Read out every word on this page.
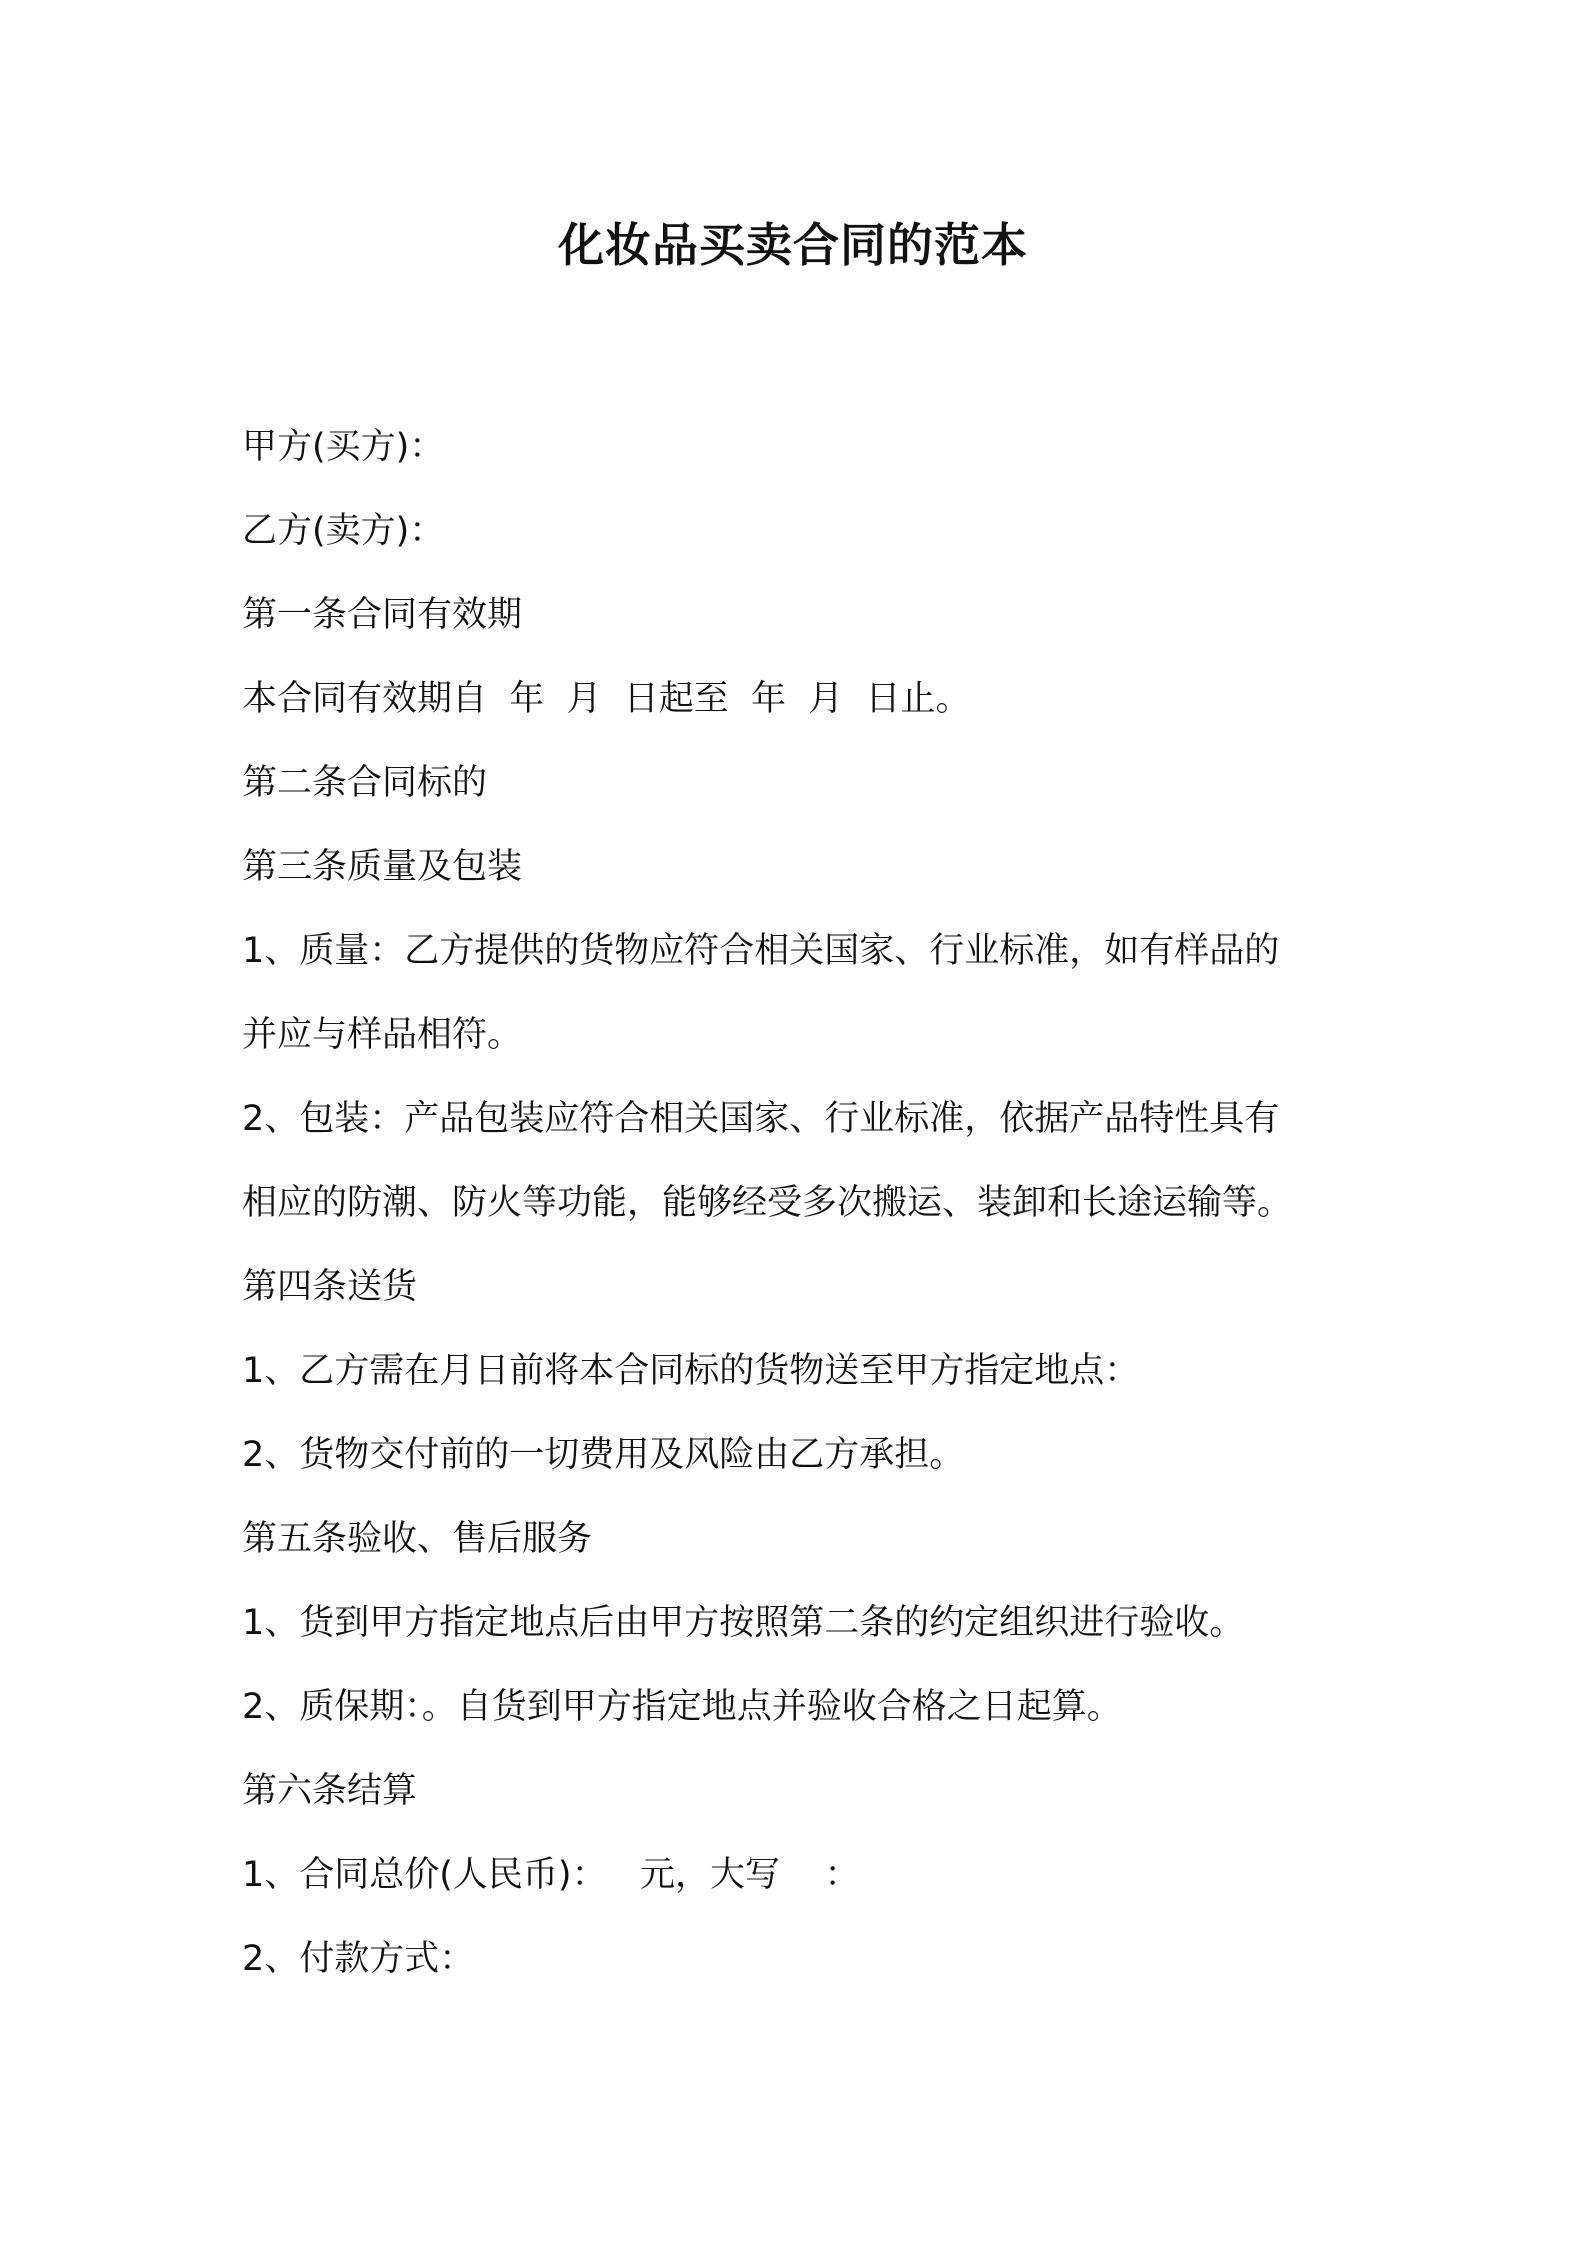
化妆品买卖合同的范本
甲方(买方)：
乙方(卖方)：
第一条合同有效期
本合同有效期自  年  月  日起至  年  月  日止。
第二条合同标的
第三条质量及包装
1、质量：乙方提供的货物应符合相关国家、行业标准，如有样品的
并应与样品相符。
2、包装：产品包装应符合相关国家、行业标准，依据产品特性具有
相应的防潮、防火等功能，能够经受多次搬运、装卸和长途运输等。
第四条送货
1、乙方需在月日前将本合同标的货物送至甲方指定地点：
2、货物交付前的一切费用及风险由乙方承担。
第五条验收、售后服务
1、货到甲方指定地点后由甲方按照第二条的约定组织进行验收。
2、质保期：。自货到甲方指定地点并验收合格之日起算。
第六条结算
1、合同总价(人民币)：   元，大写    ：
2、付款方式：
